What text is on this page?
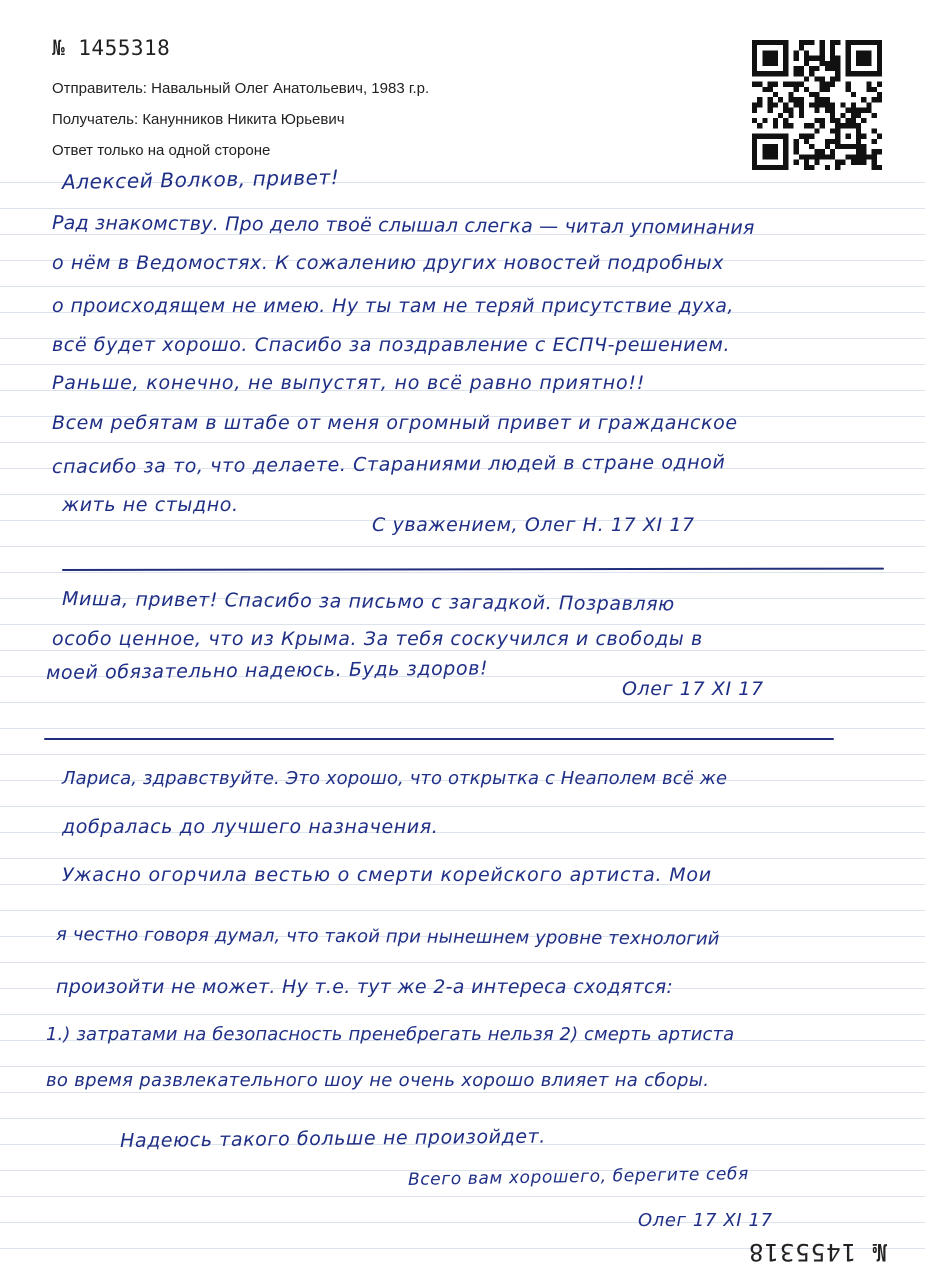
№ 1455318
Отправитель: Навальный Олег Анатольевич, 1983 г.р.
Получатель: Канунников Никита Юрьевич
Ответ только на одной стороне
Алексей Волков, привет!
Рад знакомству. Про дело твоё слышал слегка — читал упоминания
о нём в Ведомостях. К сожалению других новостей подробных
о происходящем не имею. Ну ты там не теряй присутствие духа,
всё будет хорошо. Спасибо за поздравление с ЕСПЧ-решением.
Раньше, конечно, не выпустят, но всё равно приятно!!
Всем ребятам в штабе от меня огромный привет и гражданское
спасибо за то, что делаете. Стараниями людей в стране одной
жить не стыдно.
С уважением, Олег Н. 17 XI 17
Миша, привет! Спасибо за письмо с загадкой. Позравляю
особо ценное, что из Крыма. За тебя соскучился и свободы в
моей обязательно надеюсь. Будь здоров!
Олег 17 XI 17
Лариса, здравствуйте. Это хорошо, что открытка с Неаполем всё же
добралась до лучшего назначения.
Ужасно огорчила вестью о смерти корейского артиста. Мои
я честно говоря думал, что такой при нынешнем уровне технологий
произойти не может. Ну т.е. тут же 2-а интереса сходятся:
1.) затратами на безопасность пренебрегать нельзя 2) смерть артиста
во время развлекательного шоу не очень хорошо влияет на сборы.
Надеюсь такого больше не произойдет.
Всего вам хорошего, берегите себя
Олег 17 XI 17
№ 1455318
